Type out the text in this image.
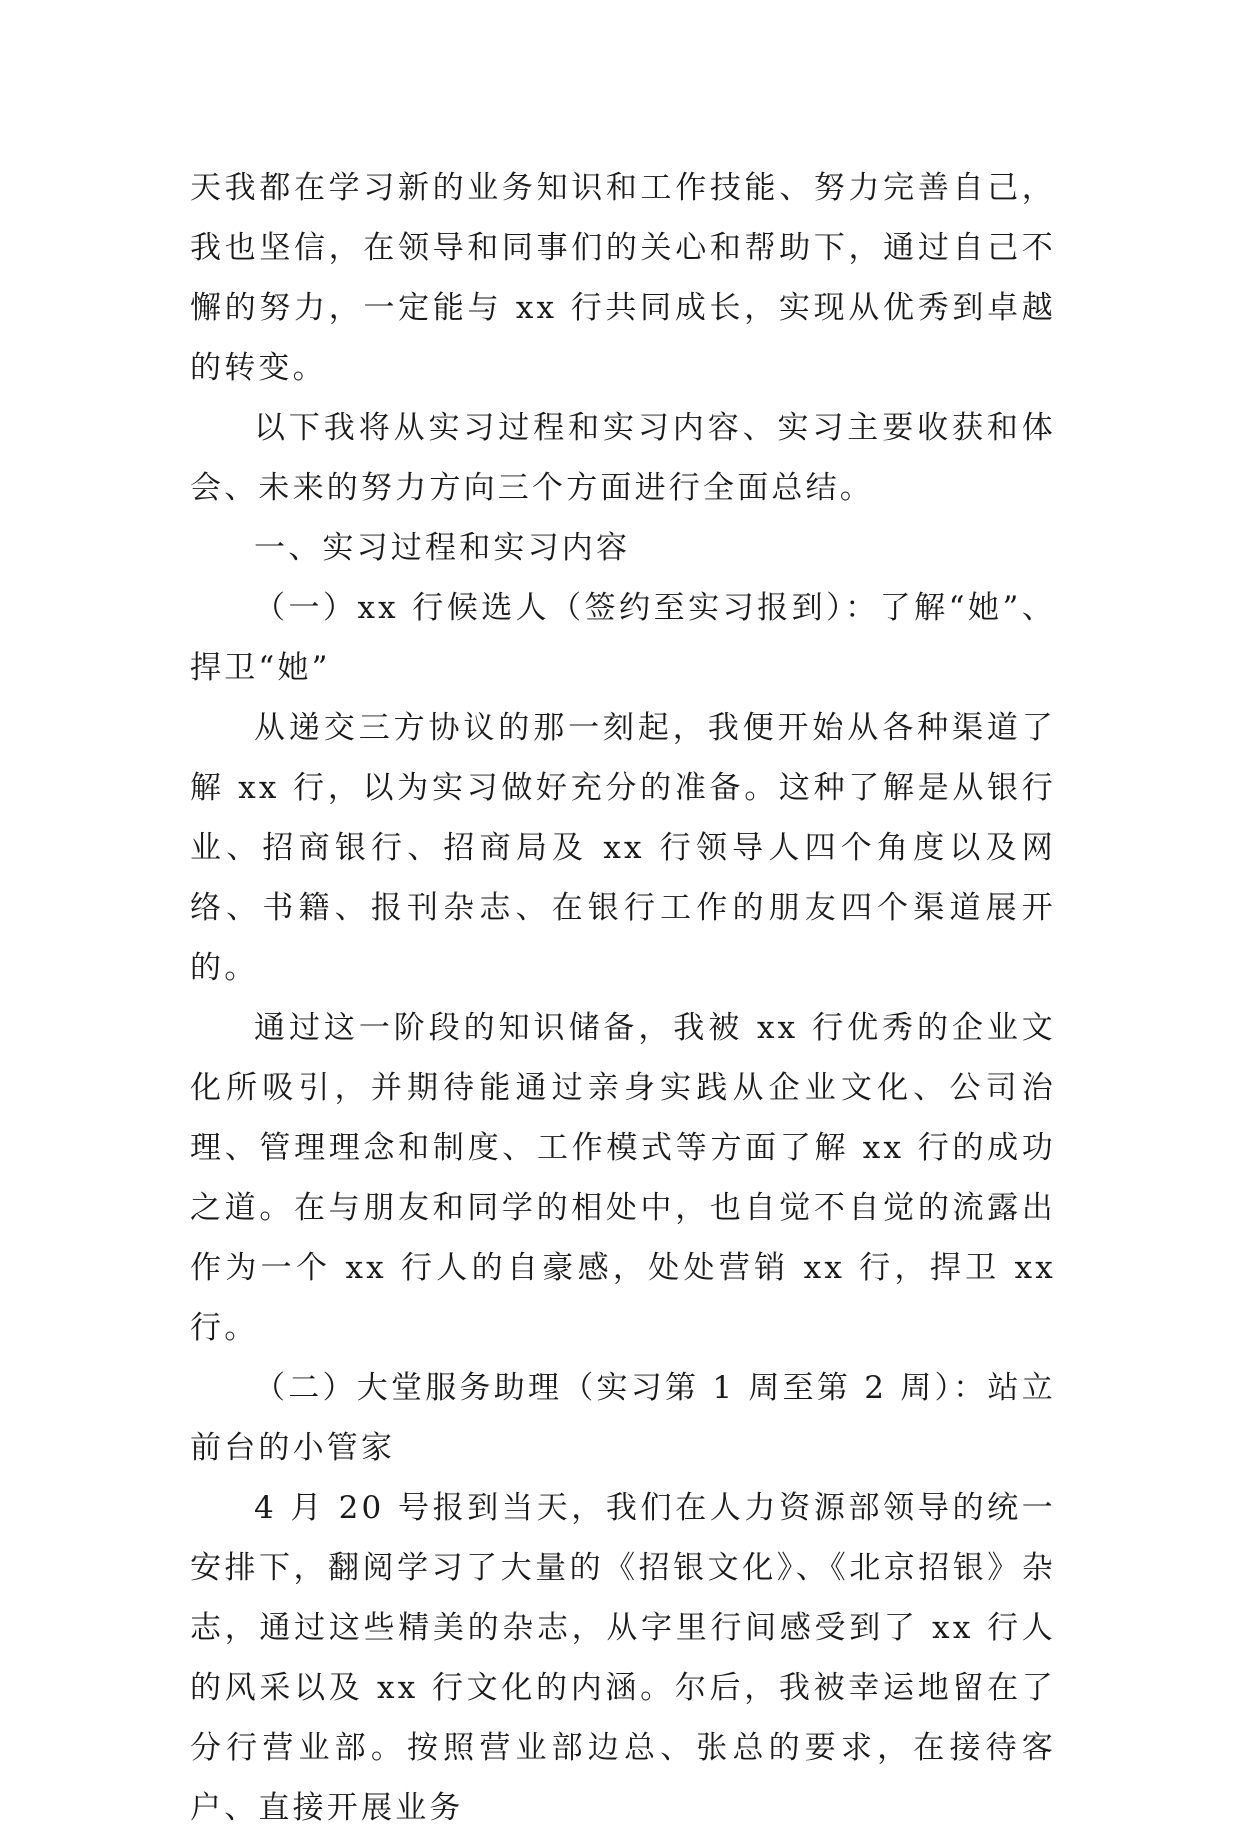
天我都在学习新的业务知识和工作技能、努力完善自己，我也坚信，在领导和同事们的关心和帮助下，通过自己不懈的努力，一定能与 xx 行共同成长，实现从优秀到卓越的转变。

以下我将从实习过程和实习内容、实习主要收获和体会、未来的努力方向三个方面进行全面总结。

一、实习过程和实习内容

（一）xx 行候选人（签约至实习报到）：了解“她”、捍卫“她”

从递交三方协议的那一刻起，我便开始从各种渠道了解 xx 行，以为实习做好充分的准备。这种了解是从银行业、招商银行、招商局及 xx 行领导人四个角度以及网络、书籍、报刊杂志、在银行工作的朋友四个渠道展开的。

通过这一阶段的知识储备，我被 xx 行优秀的企业文化所吸引，并期待能通过亲身实践从企业文化、公司治理、管理理念和制度、工作模式等方面了解 xx 行的成功之道。在与朋友和同学的相处中，也自觉不自觉的流露出作为一个 xx 行人的自豪感，处处营销 xx 行，捍卫 xx 行。

（二）大堂服务助理（实习第 1 周至第 2 周）：站立前台的小管家

4 月 20 号报到当天，我们在人力资源部领导的统一安排下，翻阅学习了大量的《招银文化》、《北京招银》杂志，通过这些精美的杂志，从字里行间感受到了 xx 行人的风采以及 xx 行文化的内涵。尔后，我被幸运地留在了分行营业部。按照营业部边总、张总的要求，在接待客户、直接开展业务
